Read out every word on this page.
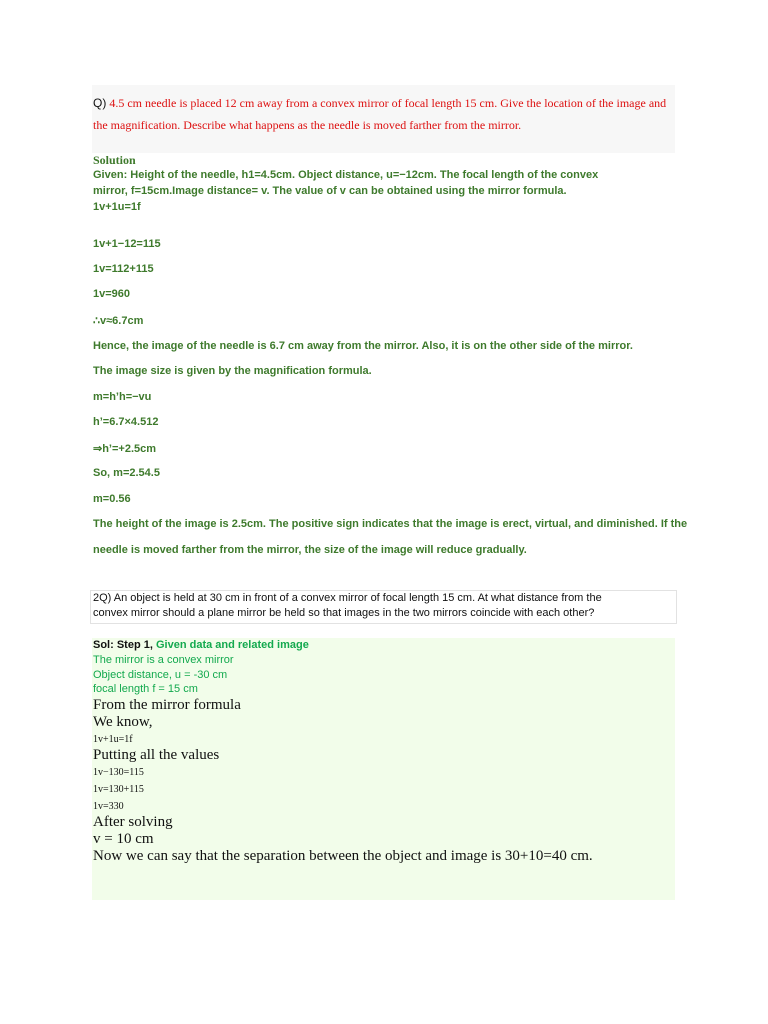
Q) 4.5 cm needle is placed 12 cm away from a convex mirror of focal length 15 cm. Give the location of the image and
the magnification. Describe what happens as the needle is moved farther from the mirror.
Solution
Given: Height of the needle, h1=4.5cm. Object distance, u=−12cm. The focal length of the convex
mirror, f=15cm.Image distance= v. The value of v can be obtained using the mirror formula.
1v+1u=1f
1v+1−12=115
1v=112+115
1v=960
∴v≈6.7cm
Hence, the image of the needle is 6.7 cm away from the mirror. Also, it is on the other side of the mirror.
The image size is given by the magnification formula.
m=h’h=−vu
h’=6.7×4.512
⇒h’=+2.5cm
So, m=2.54.5
m=0.56
The height of the image is 2.5cm. The positive sign indicates that the image is erect, virtual, and diminished. If the
needle is moved farther from the mirror, the size of the image will reduce gradually.
2Q) An object is held at 30 cm in front of a convex mirror of focal length 15 cm. At what distance from the
convex mirror should a plane mirror be held so that images in the two mirrors coincide with each other?
Sol: Step 1, Given data and related image
The mirror is a convex mirror
Object distance, u = -30 cm
focal length f = 15 cm
From the mirror formula
We know,
1v+1u=1f
Putting all the values
1v−130=115
1v=130+115
1v=330
After solving
v = 10 cm
Now we can say that the separation between the object and image is 30+10=40 cm.
